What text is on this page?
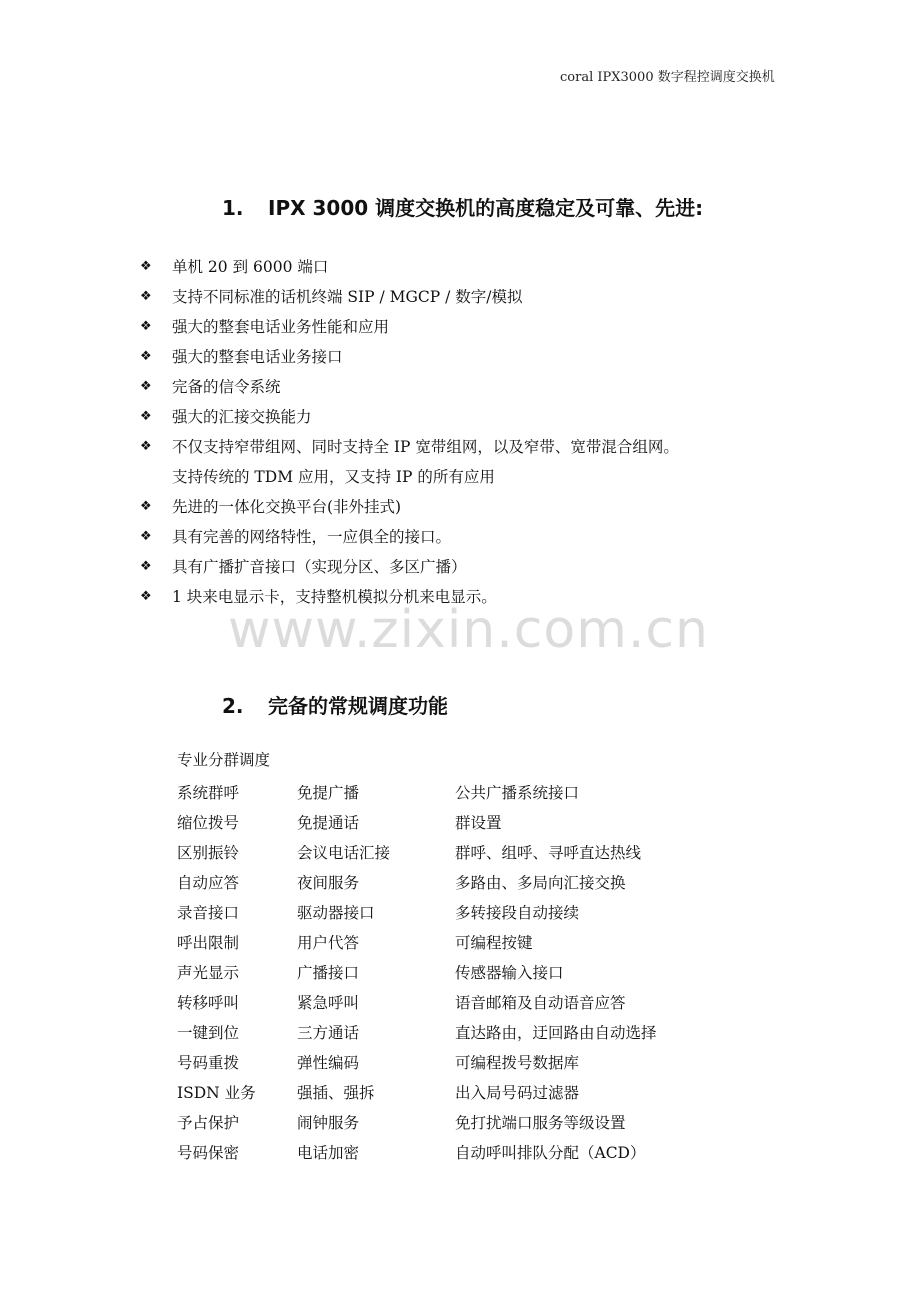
coral IPX3000 数字程控调度交换机
1. IPX 3000 调度交换机的高度稳定及可靠、先进:
❖ 单机 20 到 6000 端口
❖ 支持不同标准的话机终端 SIP / MGCP / 数字/模拟
❖ 强大的整套电话业务性能和应用
❖ 强大的整套电话业务接口
❖ 完备的信令系统
❖ 强大的汇接交换能力
❖ 不仅支持窄带组网、同时支持全 IP 宽带组网，以及窄带、宽带混合组网。
支持传统的 TDM 应用，又支持 IP 的所有应用
❖ 先进的一体化交换平台(非外挂式)
❖ 具有完善的网络特性，一应俱全的接口。
❖ 具有广播扩音接口（实现分区、多区广播）
❖ 1 块来电显示卡，支持整机模拟分机来电显示。
www.zixin.com.cn
2. 完备的常规调度功能
专业分群调度
系统群呼	免提广播	公共广播系统接口
缩位拨号	免提通话	群设置
区别振铃	会议电话汇接	群呼、组呼、寻呼直达热线
自动应答	夜间服务	多路由、多局向汇接交换
录音接口	驱动器接口	多转接段自动接续
呼出限制	用户代答	可编程按键
声光显示	广播接口	传感器输入接口
转移呼叫	紧急呼叫	语音邮箱及自动语音应答
一键到位	三方通话	直达路由，迂回路由自动选择
号码重拨	弹性编码	可编程拨号数据库
ISDN 业务	强插、强拆	出入局号码过滤器
予占保护	闹钟服务	免打扰端口服务等级设置
号码保密	电话加密	自动呼叫排队分配（ACD）
